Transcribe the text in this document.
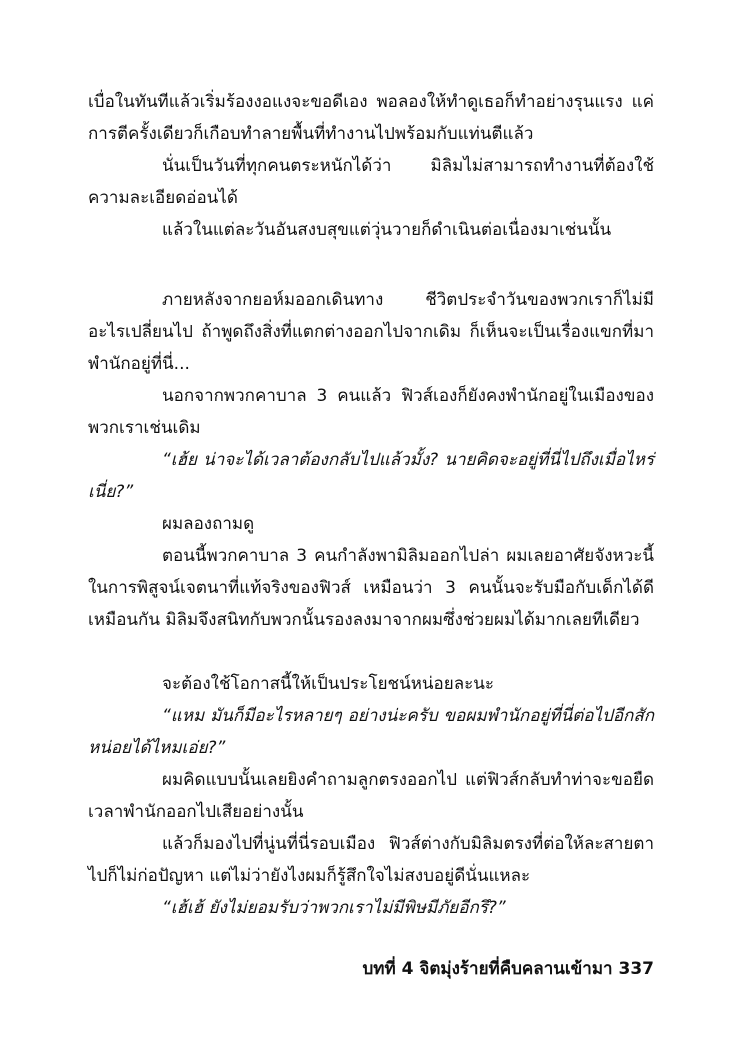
เบื่อในทันทีแล้วเริ่มร้องงอแงจะขอดีเอง พอลองให้ทำดูเธอก็ทำอย่างรุนแรง แค่การตีครั้งเดียวก็เกือบทำลายพื้นที่ทำงานไปพร้อมกับแท่นตีแล้ว

นั่นเป็นวันที่ทุกคนตระหนักได้ว่า มิลิมไม่สามารถทำงานที่ต้องใช้ความละเอียดอ่อนได้

แล้วในแต่ละวันอันสงบสุขแต่วุ่นวายก็ดำเนินต่อเนื่องมาเช่นนั้น

ภายหลังจากยอห์มออกเดินทาง ชีวิตประจำวันของพวกเราก็ไม่มีอะไรเปลี่ยนไป ถ้าพูดถึงสิ่งที่แตกต่างออกไปจากเดิม ก็เห็นจะเป็นเรื่องแขกที่มาพำนักอยู่ที่นี่...

นอกจากพวกคาบาล 3 คนแล้ว ฟิวส์เองก็ยังคงพำนักอยู่ในเมืองของพวกเราเช่นเดิม

“เฮ้ย น่าจะได้เวลาต้องกลับไปแล้วมั้ง? นายคิดจะอยู่ที่นี่ไปถึงเมื่อไหร่เนี่ย?”

ผมลองถามดู

ตอนนี้พวกคาบาล 3 คนกำลังพามิลิมออกไปล่า ผมเลยอาศัยจังหวะนี้ในการพิสูจน์เจตนาที่แท้จริงของฟิวส์ เหมือนว่า 3 คนนั้นจะรับมือกับเด็กได้ดีเหมือนกัน มิลิมจึงสนิทกับพวกนั้นรองลงมาจากผมซึ่งช่วยผมได้มากเลยทีเดียว

จะต้องใช้โอกาสนี้ให้เป็นประโยชน์หน่อยละนะ

“แหม มันก็มีอะไรหลายๆ อย่างน่ะครับ ขอผมพำนักอยู่ที่นี่ต่อไปอีกสักหน่อยได้ไหมเอ่ย?”

ผมคิดแบบนั้นเลยยิงคำถามลูกตรงออกไป แต่ฟิวส์กลับทำท่าจะขอยืดเวลาพำนักออกไปเสียอย่างนั้น

แล้วก็มองไปที่นู่นที่นี่รอบเมือง ฟิวส์ต่างกับมิลิมตรงที่ต่อให้ละสายตาไปก็ไม่ก่อปัญหา แต่ไม่ว่ายังไงผมก็รู้สึกใจไม่สงบอยู่ดีนั่นแหละ

“เฮ้เฮ้ ยังไม่ยอมรับว่าพวกเราไม่มีพิษมีภัยอีกรึ?”

บทที่ 4 จิตมุ่งร้ายที่คืบคลานเข้ามา 337
